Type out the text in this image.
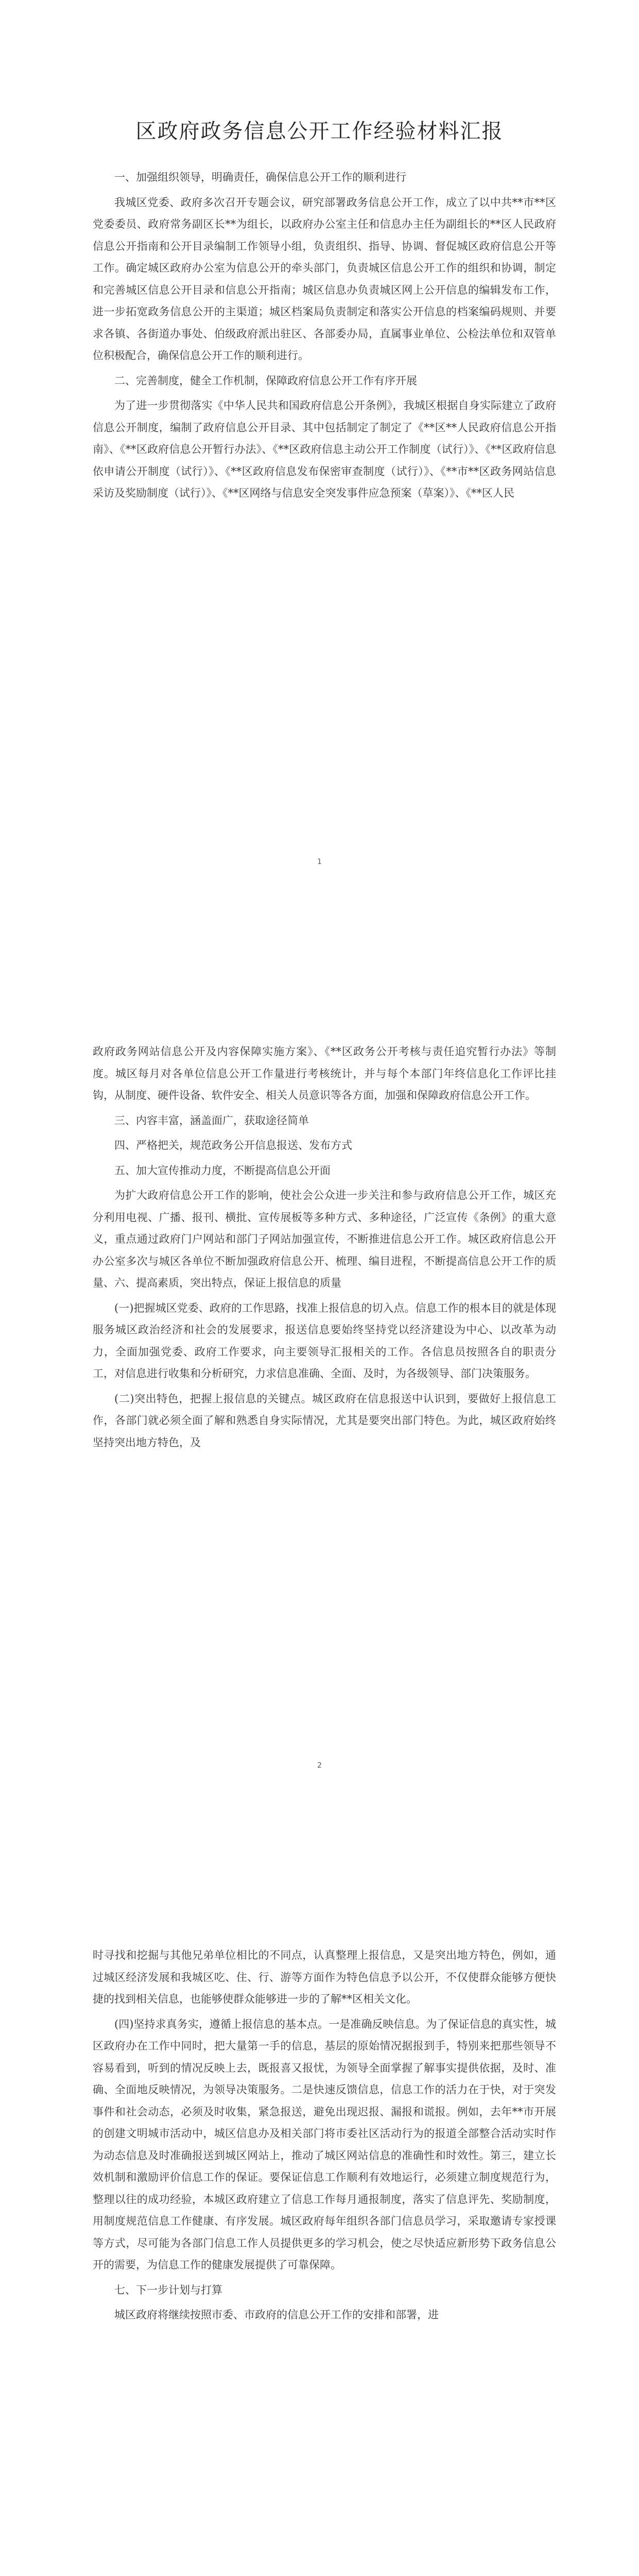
区政府政务信息公开工作经验材料汇报

一、加强组织领导，明确责任，确保信息公开工作的顺利进行

我城区党委、政府多次召开专题会议，研究部署政务信息公开工作，成立了以中共**市**区党委委员、政府常务副区长**为组长，以政府办公室主任和信息办主任为副组长的**区人民政府信息公开指南和公开目录编制工作领导小组，负责组织、指导、协调、督促城区政府信息公开等工作。确定城区政府办公室为信息公开的牵头部门，负责城区信息公开工作的组织和协调，制定和完善城区信息公开目录和信息公开指南；城区信息办负责城区网上公开信息的编辑发布工作，进一步拓宽政务信息公开的主渠道；城区档案局负责制定和落实公开信息的档案编码规则、并要求各镇、各街道办事处、伯级政府派出驻区、各部委办局，直属事业单位、公检法单位和双管单位积极配合，确保信息公开工作的顺利进行。

二、完善制度，健全工作机制，保障政府信息公开工作有序开展

为了进一步贯彻落实《中华人民共和国政府信息公开条例》，我城区根据自身实际建立了政府信息公开制度，编制了政府信息公开目录、其中包括制定了制定了《**区**人民政府信息公开指南》、《**区政府信息公开暂行办法》、《**区政府信息主动公开工作制度（试行）》、《**区政府信息依申请公开制度（试行）》、《**区政府信息发布保密审查制度（试行）》、《**市**区政务网站信息采访及奖励制度（试行）》、《**区网络与信息安全突发事件应急预案（草案）》、《**区人民

1

政府政务网站信息公开及内容保障实施方案》、《**区政务公开考核与责任追究暂行办法》等制度。城区每月对各单位信息公开工作量进行考核统计，并与每个本部门年终信息化工作评比挂钩，从制度、硬件设备、软件安全、相关人员意识等各方面，加强和保障政府信息公开工作。

三、内容丰富，涵盖面广，获取途径简单

四、严格把关，规范政务公开信息报送、发布方式

五、加大宣传推动力度，不断提高信息公开面

为扩大政府信息公开工作的影响，使社会公众进一步关注和参与政府信息公开工作，城区充分利用电视、广播、报刊、横批、宣传展板等多种方式、多种途径，广泛宣传《条例》的重大意义，重点通过政府门户网站和部门子网站加强宣传，不断推进信息公开工作。城区政府信息公开办公室多次与城区各单位不断加强政府信息公开、梳理、编目进程，不断提高信息公开工作的质量、六、提高素质，突出特点，保证上报信息的质量

(一)把握城区党委、政府的工作思路，找准上报信息的切入点。信息工作的根本目的就是体现服务城区政治经济和社会的发展要求，报送信息要始终坚持党以经济建设为中心、以改革为动力，全面加强党委、政府工作要求，向主要领导汇报相关的工作。各信息员按照各自的职责分工，对信息进行收集和分析研究，力求信息准确、全面、及时，为各级领导、部门决策服务。

(二)突出特色，把握上报信息的关键点。城区政府在信息报送中认识到，要做好上报信息工作，各部门就必须全面了解和熟悉自身实际情况，尤其是要突出部门特色。为此，城区政府始终坚持突出地方特色，及

2

时寻找和挖掘与其他兄弟单位相比的不同点，认真整理上报信息，又是突出地方特色，例如，通过城区经济发展和我城区吃、住、行、游等方面作为特色信息予以公开，不仅使群众能够方便快捷的找到相关信息，也能够使群众能够进一步的了解**区相关文化。

(四)坚持求真务实，遵循上报信息的基本点。一是准确反映信息。为了保证信息的真实性，城区政府办在工作中同时，把大量第一手的信息，基层的原始情况据报到手，特别来把那些领导不容易看到，听到的情况反映上去，既报喜又报忧，为领导全面掌握了解事实提供依据，及时、准确、全面地反映情况，为领导决策服务。二是快速反馈信息，信息工作的活力在于快，对于突发事件和社会动态，必须及时收集，紧急报送，避免出现迟报、漏报和谎报。例如，去年**市开展的创建文明城市活动中，城区信息办及相关部门将市委社区活动行为的报道全部整合活动实时作为动态信息及时准确报送到城区网站上，推动了城区网站信息的准确性和时效性。第三，建立长效机制和激励评价信息工作的保证。要保证信息工作顺利有效地运行，必须建立制度规范行为，整理以往的成功经验，本城区政府建立了信息工作每月通报制度，落实了信息评先、奖励制度，用制度规范信息工作健康、有序发展。城区政府每年组织各部门信息员学习，采取邀请专家授课等方式，尽可能为各部门信息工作人员提供更多的学习机会，使之尽快适应新形势下政务信息公开的需要，为信息工作的健康发展提供了可靠保障。

七、下一步计划与打算

城区政府将继续按照市委、市政府的信息公开工作的安排和部署，进
